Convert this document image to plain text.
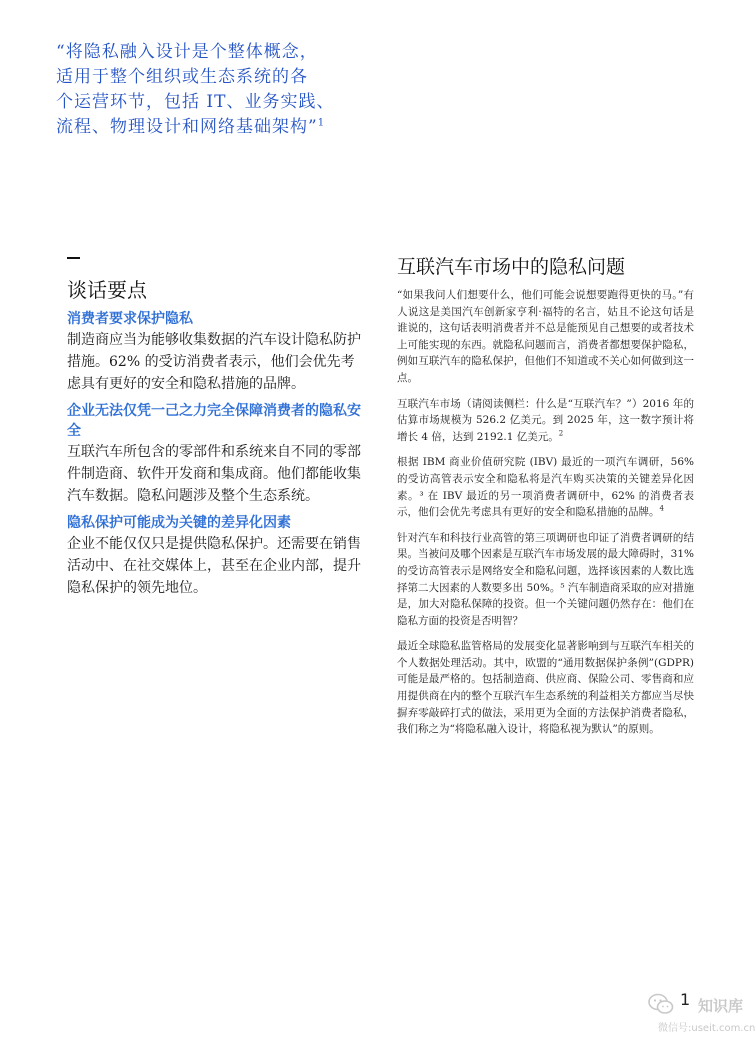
“将隐私融入设计是个整体概念，
适用于整个组织或生态系统的各
个运营环节，包括 IT、业务实践、
流程、物理设计和网络基础架构”$^1$

谈话要点

消费者要求保护隐私

制造商应当为能够收集数据的汽车设计隐私防护措施。62% 的受访消费者表示，他们会优先考虑具有更好的安全和隐私措施的品牌。

企业无法仅凭一己之力完全保障消费者的隐私安全

互联汽车所包含的零部件和系统来自不同的零部件制造商、软件开发商和集成商。他们都能收集汽车数据。隐私问题涉及整个生态系统。

隐私保护可能成为关键的差异化因素

企业不能仅仅只是提供隐私保护。还需要在销售活动中、在社交媒体上，甚至在企业内部，提升隐私保护的领先地位。

互联汽车市场中的隐私问题

“如果我问人们想要什么，他们可能会说想要跑得更快的马。”有人说这是美国汽车创新家亨利·福特的名言，姑且不论这句话是谁说的，这句话表明消费者并不总是能预见自己想要的或者技术上可能实现的东西。就隐私问题而言，消费者都想要保护隐私，例如互联汽车的隐私保护，但他们不知道或不关心如何做到这一点。

互联汽车市场（请阅读侧栏：什么是“互联汽车？”）2016 年的估算市场规模为 526.2 亿美元。到 2025 年，这一数字预计将增长 4 倍，达到 2192.1 亿美元。$^2$

根据 IBM 商业价值研究院 (IBV) 最近的一项汽车调研，56% 的受访高管表示安全和隐私将是汽车购买决策的关键差异化因素。³ 在 IBV 最近的另一项消费者调研中，62% 的消费者表示，他们会优先考虑具有更好的安全和隐私措施的品牌。$^4$

针对汽车和科技行业高管的第三项调研也印证了消费者调研的结果。当被问及哪个因素是互联汽车市场发展的最大障碍时，31% 的受访高管表示是网络安全和隐私问题，选择该因素的人数比选择第二大因素的人数要多出 50%。⁵ 汽车制造商采取的应对措施是，加大对隐私保障的投资。但一个关键问题仍然存在：他们在隐私方面的投资是否明智？

最近全球隐私监管格局的发展变化显著影响到与互联汽车相关的个人数据处理活动。其中，欧盟的“通用数据保护条例”(GDPR) 可能是最严格的。包括制造商、供应商、保险公司、零售商和应用提供商在内的整个互联汽车生态系统的利益相关方都应当尽快摒弃零敲碎打式的做法，采用更为全面的方法保护消费者隐私，我们称之为“将隐私融入设计，将隐私视为默认”的原则。

1 知识库
微信号:useit.com.cn
